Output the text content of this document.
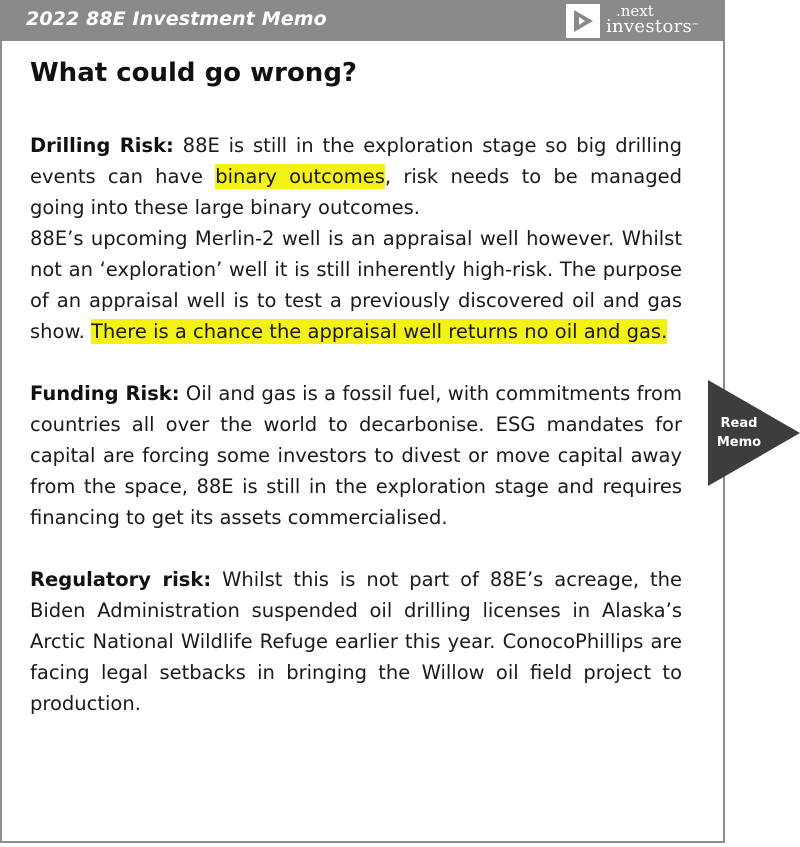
2022 88E Investment Memo	.next
investors™
What could go wrong?

Drilling Risk: 88E is still in the exploration stage so big drilling events can have binary outcomes, risk needs to be managed going into these large binary outcomes.

88E’s upcoming Merlin-2 well is an appraisal well however. Whilst not an ‘exploration’ well it is still inherently high-risk. The purpose of an appraisal well is to test a previously discovered oil and gas show. There is a chance the appraisal well returns no oil and gas.

Funding Risk: Oil and gas is a fossil fuel, with commitments from countries all over the world to decarbonise. ESG mandates for capital are forcing some investors to divest or move capital away from the space, 88E is still in the exploration stage and requires financing to get its assets commercialised.

Regulatory risk: Whilst this is not part of 88E’s acreage, the Biden Administration suspended oil drilling licenses in Alaska’s Arctic National Wildlife Refuge earlier this year. ConocoPhillips are facing legal setbacks in bringing the Willow oil field project to production.

Read
Memo
